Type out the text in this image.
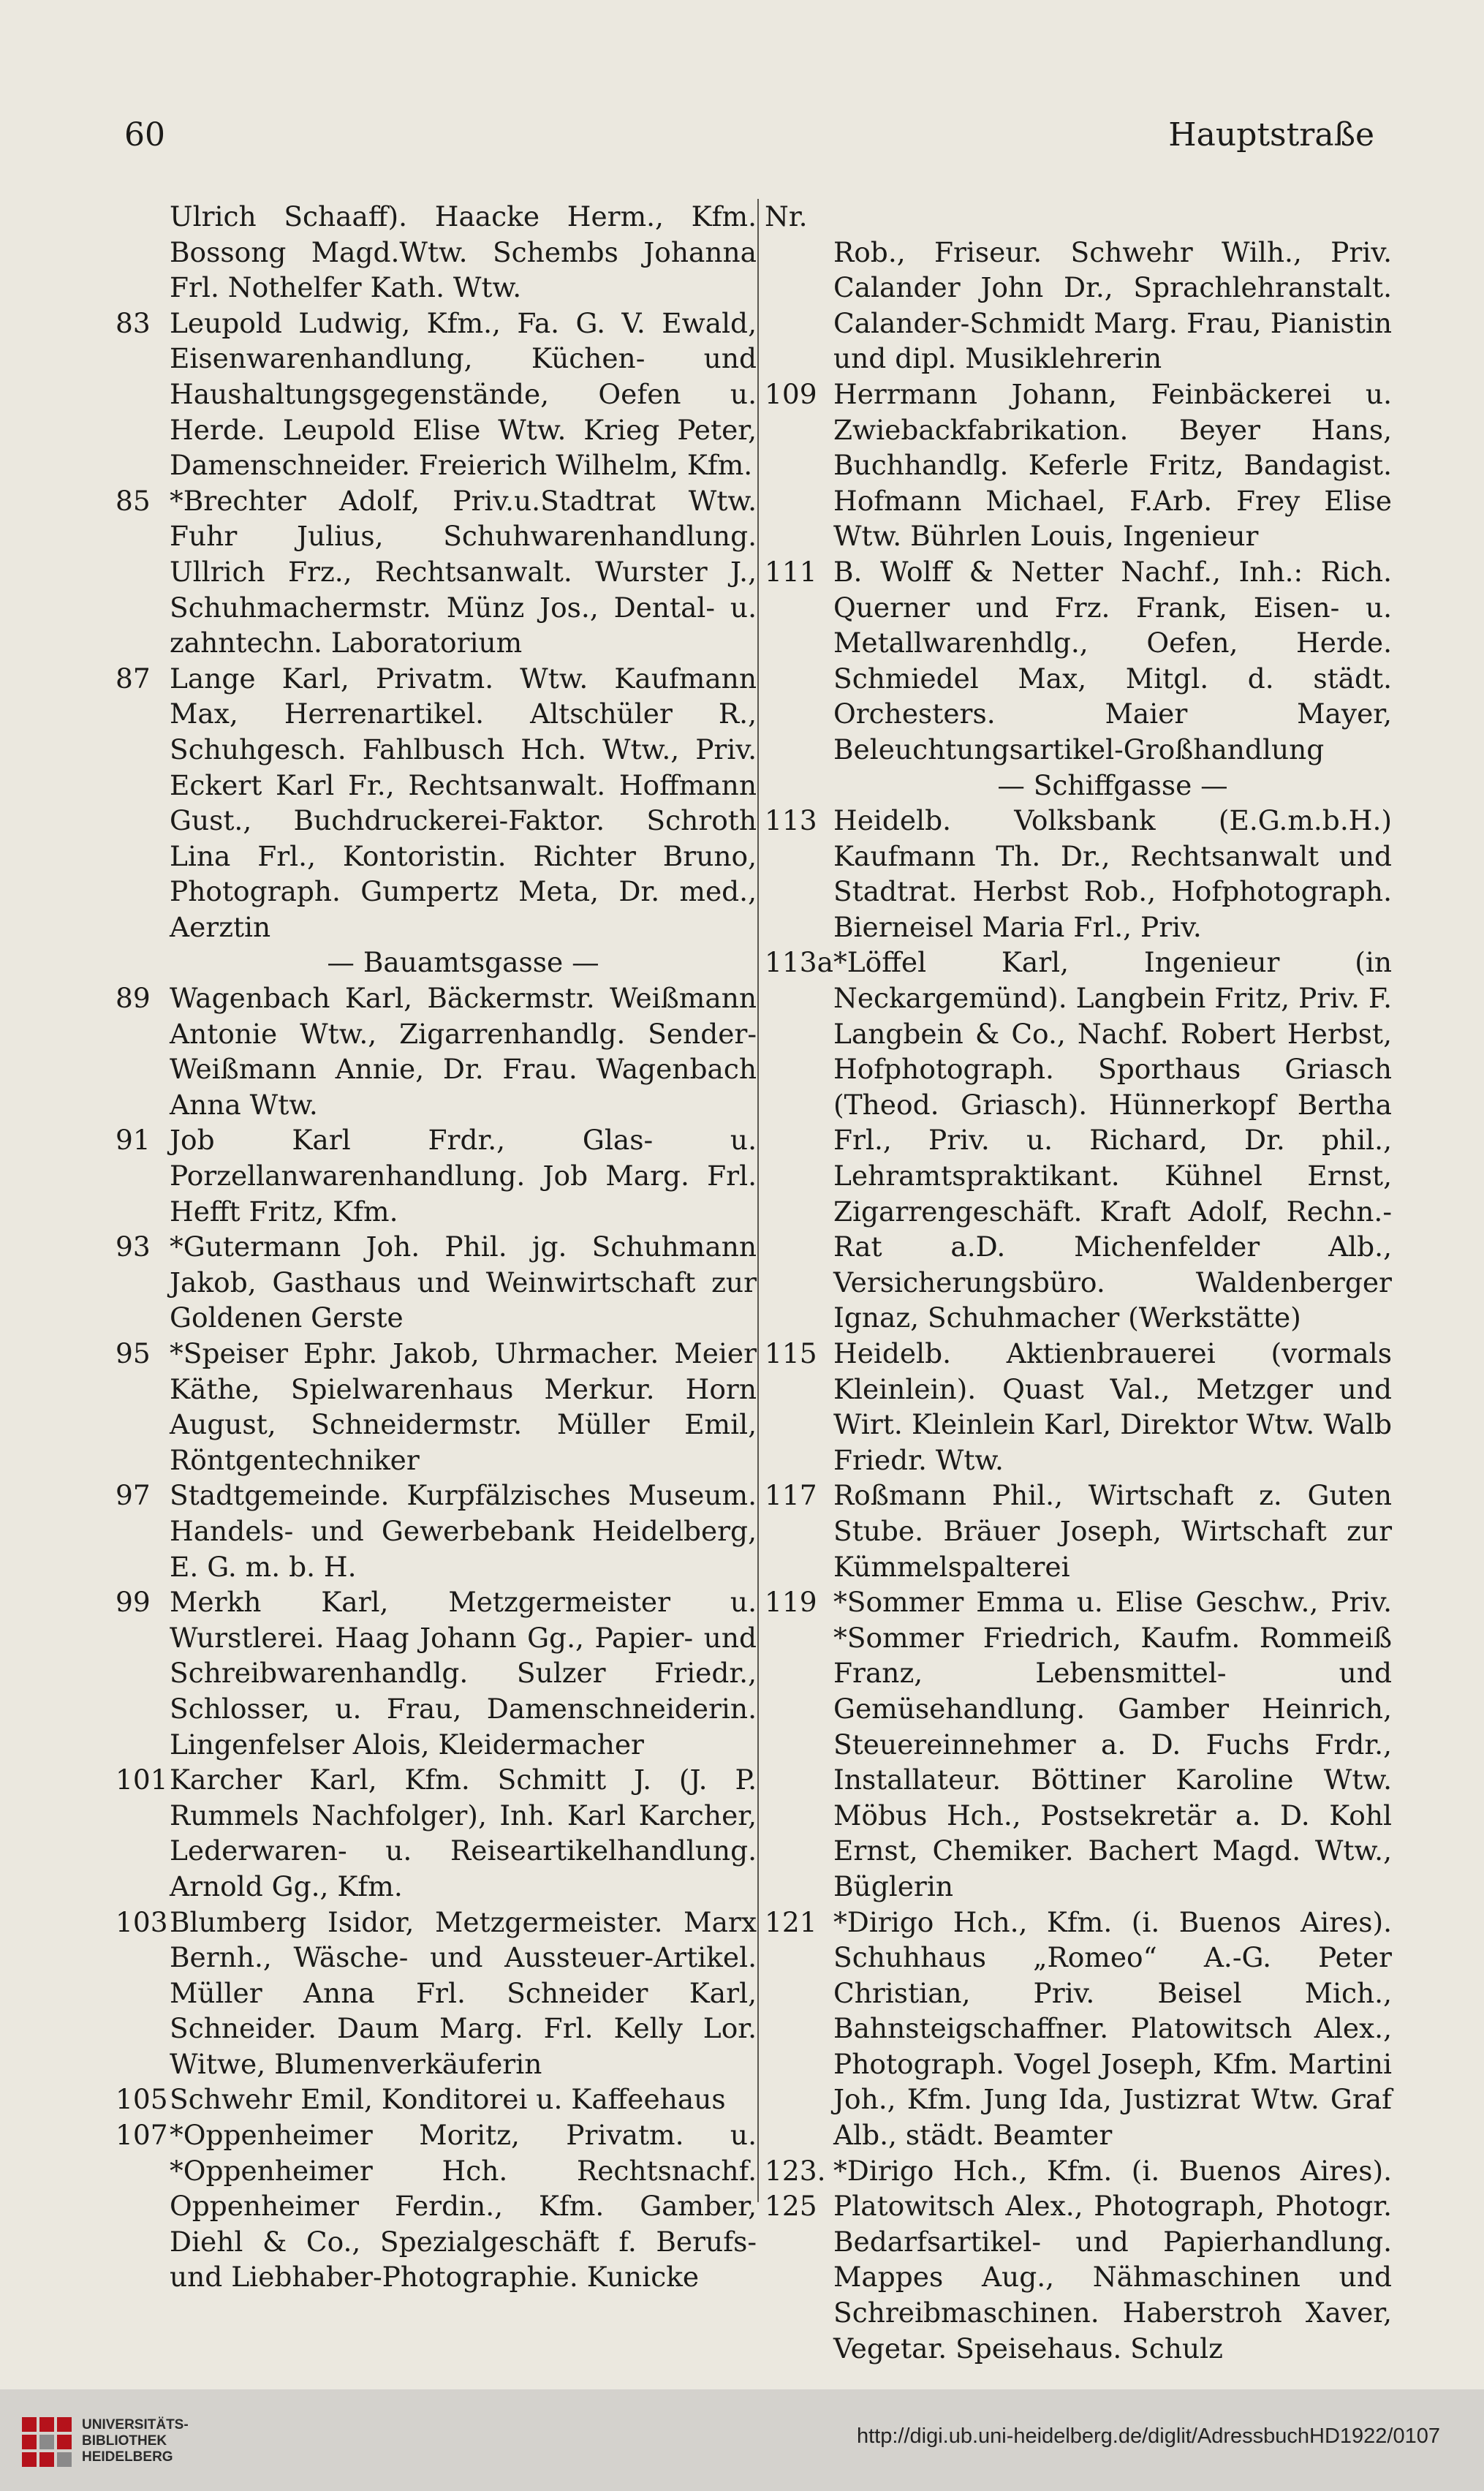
60	Hauptstraße
Ulrich Schaaff). Haacke Herm., Kfm. Bossong Magd.Wtw. Schembs Johanna Frl. Nothelfer Kath. Wtw.
83 Leupold Ludwig, Kfm., Fa. G. V. Ewald, Eisenwarenhandlung, Küchen- und Haushaltungsgegenstände, Oefen u. Herde. Leupold Elise Wtw. Krieg Peter, Damenschneider. Freierich Wilhelm, Kfm.
85 *Brechter Adolf, Priv.u.Stadtrat Wtw. Fuhr Julius, Schuhwarenhandlung. Ullrich Frz., Rechtsanwalt. Wurster J., Schuhmachermstr. Münz Jos., Dental- u. zahntechn. Laboratorium
87 Lange Karl, Privatm. Wtw. Kaufmann Max, Herrenartikel. Altschüler R., Schuhgesch. Fahlbusch Hch. Wtw., Priv. Eckert Karl Fr., Rechtsanwalt. Hoffmann Gust., Buchdruckerei-Faktor. Schroth Lina Frl., Kontoristin. Richter Bruno, Photograph. Gumpertz Meta, Dr. med., Aerztin
— Bauamtsgasse —
89 Wagenbach Karl, Bäckermstr. Weißmann Antonie Wtw., Zigarrenhandlg. Sender-Weißmann Annie, Dr. Frau. Wagenbach Anna Wtw.
91 Job Karl Frdr., Glas- u. Porzellanwarenhandlung. Job Marg. Frl. Hefft Fritz, Kfm.
93 *Gutermann Joh. Phil. jg. Schuhmann Jakob, Gasthaus und Weinwirtschaft zur Goldenen Gerste
95 *Speiser Ephr. Jakob, Uhrmacher. Meier Käthe, Spielwarenhaus Merkur. Horn August, Schneidermstr. Müller Emil, Röntgentechniker
97 Stadtgemeinde. Kurpfälzisches Museum. Handels- und Gewerbebank Heidelberg, E. G. m. b. H.
99 Merkh Karl, Metzgermeister u. Wurstlerei. Haag Johann Gg., Papier- und Schreibwarenhandlg. Sulzer Friedr., Schlosser, u. Frau, Damenschneiderin. Lingenfelser Alois, Kleidermacher
101 Karcher Karl, Kfm. Schmitt J. (J. P. Rummels Nachfolger), Inh. Karl Karcher, Lederwaren- u. Reiseartikelhandlung. Arnold Gg., Kfm.
103 Blumberg Isidor, Metzgermeister. Marx Bernh., Wäsche- und Aussteuer-Artikel. Müller Anna Frl. Schneider Karl, Schneider. Daum Marg. Frl. Kelly Lor. Witwe, Blumenverkäuferin
105 Schwehr Emil, Konditorei u. Kaffeehaus
107 *Oppenheimer Moritz, Privatm. u. *Oppenheimer Hch. Rechtsnachf. Oppenheimer Ferdin., Kfm. Gamber, Diehl & Co., Spezialgeschäft f. Berufs- und Liebhaber-Photographie. Kunicke
Nr.

Rob., Friseur. Schwehr Wilh., Priv. Calander John Dr., Sprachlehranstalt. Calander-Schmidt Marg. Frau, Pianistin und dipl. Musiklehrerin
109 Herrmann Johann, Feinbäckerei u. Zwiebackfabrikation. Beyer Hans, Buchhandlg. Keferle Fritz, Bandagist. Hofmann Michael, F.Arb. Frey Elise Wtw. Bührlen Louis, Ingenieur
111 B. Wolff & Netter Nachf., Inh.: Rich. Querner und Frz. Frank, Eisen- u. Metallwarenhdlg., Oefen, Herde. Schmiedel Max, Mitgl. d. städt. Orchesters. Maier Mayer, Beleuchtungsartikel-Großhandlung
— Schiffgasse —
113 Heidelb. Volksbank (E.G.m.b.H.) Kaufmann Th. Dr., Rechtsanwalt und Stadtrat. Herbst Rob., Hofphotograph. Bierneisel Maria Frl., Priv.
113a *Löffel Karl, Ingenieur (in Neckargemünd). Langbein Fritz, Priv. F. Langbein & Co., Nachf. Robert Herbst, Hofphotograph. Sporthaus Griasch (Theod. Griasch). Hünnerkopf Bertha Frl., Priv. u. Richard, Dr. phil., Lehramtspraktikant. Kühnel Ernst, Zigarrengeschäft. Kraft Adolf, Rechn.-Rat a.D. Michenfelder Alb., Versicherungsbüro. Waldenberger Ignaz, Schuhmacher (Werkstätte)
115 Heidelb. Aktienbrauerei (vormals Kleinlein). Quast Val., Metzger und Wirt. Kleinlein Karl, Direktor Wtw. Walb Friedr. Wtw.
117 Roßmann Phil., Wirtschaft z. Guten Stube. Bräuer Joseph, Wirtschaft zur Kümmelspalterei
119 *Sommer Emma u. Elise Geschw., Priv. *Sommer Friedrich, Kaufm. Rommeiß Franz, Lebensmittel- und Gemüsehandlung. Gamber Heinrich, Steuereinnehmer a. D. Fuchs Frdr., Installateur. Böttiner Karoline Wtw. Möbus Hch., Postsekretär a. D. Kohl Ernst, Chemiker. Bachert Magd. Wtw., Büglerin
121 *Dirigo Hch., Kfm. (i. Buenos Aires). Schuhhaus „Romeo“ A.-G. Peter Christian, Priv. Beisel Mich., Bahnsteigschaffner. Platowitsch Alex., Photograph. Vogel Joseph, Kfm. Martini Joh., Kfm. Jung Ida, Justizrat Wtw. Graf Alb., städt. Beamter
123. 125
*Dirigo Hch., Kfm. (i. Buenos Aires). Platowitsch Alex., Photograph, Photogr. Bedarfsartikel- und Papierhandlung. Mappes Aug., Nähmaschinen und Schreibmaschinen. Haberstroh Xaver, Vegetar. Speisehaus. Schulz
UNIVERSITÄTS-
BIBLIOTHEK
HEIDELBERG
http://digi.ub.uni-heidelberg.de/diglit/AdressbuchHD1922/0107
